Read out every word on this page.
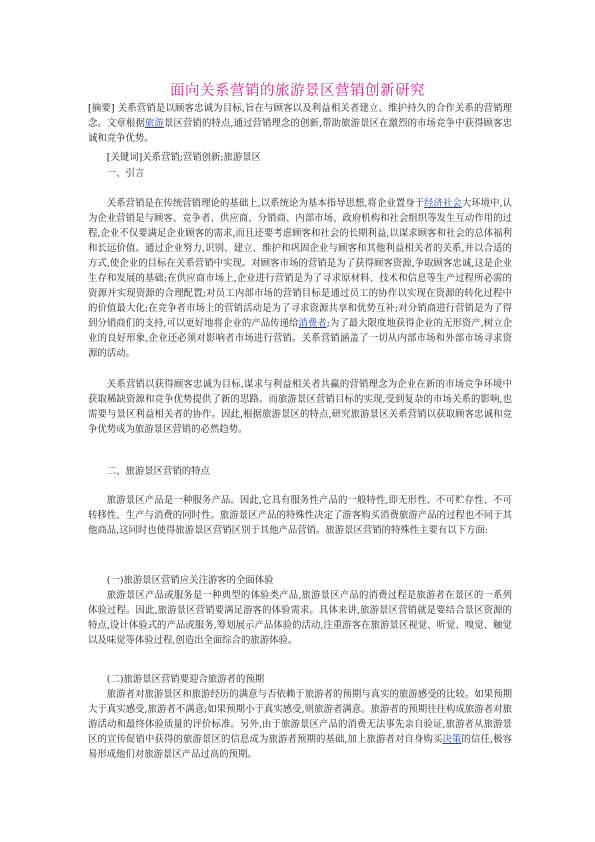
面向关系营销的旅游景区营销创新研究
[摘要] 关系营销是以顾客忠诚为目标,旨在与顾客以及利益相关者建立、维护持久的合作关系的营销理念。文章根据旅游景区营销的特点,通过营销理念的创新,帮助旅游景区在激烈的市场竞争中获得顾客忠诚和竞争优势。
[关键词]关系营销;营销创新;旅游景区
一、引言
关系营销是在传统营销理论的基础上,以系统论为基本指导思想,将企业置身于经济社会大环境中,认为企业营销是与顾客、竞争者、供应商、分销商、内部市场、政府机构和社会组织等发生互动作用的过程,企业不仅要满足企业顾客的需求,而且还要考虑顾客和社会的长期利益,以谋求顾客和社会的总体福利和长远价值。通过企业努力,识别、建立、维护和巩固企业与顾客和其他利益相关者的关系,并以合适的方式,使企业的目标在关系营销中实现。对顾客市场的营销是为了获得顾客资源,争取顾客忠诚,这是企业生存和发展的基础;在供应商市场上,企业进行营销是为了寻求原材料、技术和信息等生产过程所必需的资源并实现资源的合理配置;对员工内部市场的营销目标是通过员工的协作以实现在资源的转化过程中的价值最大化;在竞争者市场上的营销活动是为了寻求资源共享和优势互补;对分销商进行营销是为了得到分销商们的支持,可以更好地将企业的产品传递给消费者;为了最大限度地获得企业的无形资产,树立企业的良好形象,企业还必须对影响者市场进行营销。关系营销涵盖了一切从内部市场和外部市场寻求资源的活动。
关系营销以获得顾客忠诚为目标,谋求与利益相关者共赢的营销理念为企业在新的市场竞争环境中获取稀缺资源和竞争优势提供了新的思路。而旅游景区营销目标的实现,受到复杂的市场关系的影响,也需要与景区利益相关者的协作。因此,根据旅游景区的特点,研究旅游景区关系营销以获取顾客忠诚和竞争优势成为旅游景区营销的必然趋势。
二、旅游景区营销的特点
旅游景区产品是一种服务产品。因此,它具有服务性产品的一般特性,即无形性、不可贮存性、不可转移性、生产与消费的同时性。旅游景区产品的特殊性决定了游客购买消费旅游产品的过程也不同于其他商品,这同时也使得旅游景区营销区别于其他产品营销。旅游景区营销的特殊性主要有以下方面:
(一)旅游景区营销应关注游客的全面体验
旅游景区产品或服务是一种典型的体验类产品,旅游景区产品的消费过程是旅游者在景区的一系列体验过程。因此,旅游景区营销要满足游客的体验需求。具体来讲,旅游景区营销就是要结合景区资源的特点,设计体验式的产品或服务,筹划展示产品体验的活动,注重游客在旅游景区视觉、听觉、嗅觉、触觉以及味觉等体验过程,创造出全面综合的旅游体验。
(二)旅游景区营销要迎合旅游者的预期
旅游者对旅游景区和旅游经历的满意与否依赖于旅游者的预期与真实的旅游感受的比较。如果预期大于真实感受,旅游者不满意;如果预期小于真实感受,则旅游者满意。旅游者的预期往往构成旅游者对旅游活动和最终体验质量的评价标准。另外,由于旅游景区产品的消费无法事先亲自验证,旅游者从旅游景区的宣传促销中获得的旅游景区的信息成为旅游者预期的基础,加上旅游者对自身购买决策的信任,极容易形成他们对旅游景区产品过高的预期。
